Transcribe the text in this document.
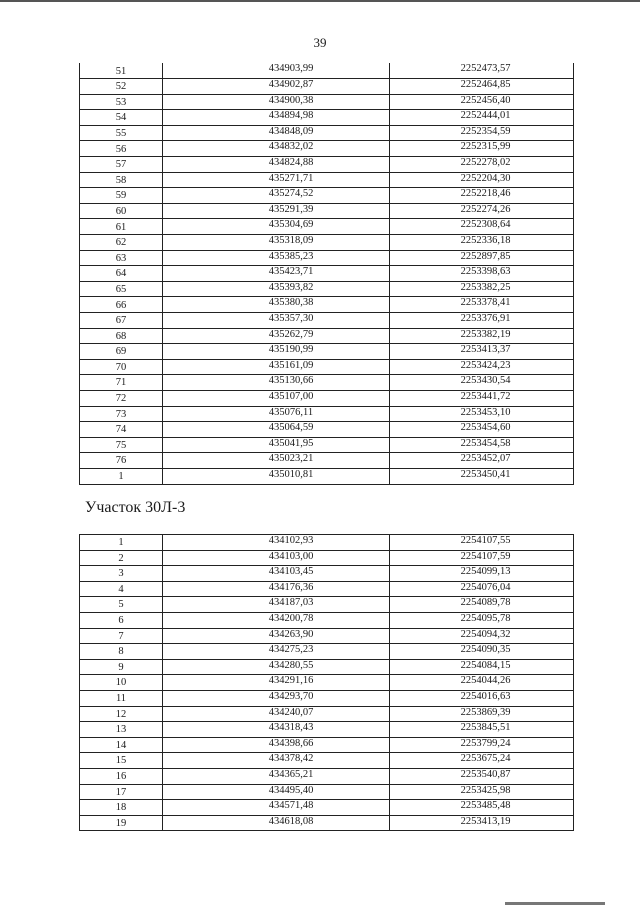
39
51	434903,99	2252473,57
52	434902,87	2252464,85
53	434900,38	2252456,40
54	434894,98	2252444,01
55	434848,09	2252354,59
56	434832,02	2252315,99
57	434824,88	2252278,02
58	435271,71	2252204,30
59	435274,52	2252218,46
60	435291,39	2252274,26
61	435304,69	2252308,64
62	435318,09	2252336,18
63	435385,23	2252897,85
64	435423,71	2253398,63
65	435393,82	2253382,25
66	435380,38	2253378,41
67	435357,30	2253376,91
68	435262,79	2253382,19
69	435190,99	2253413,37
70	435161,09	2253424,23
71	435130,66	2253430,54
72	435107,00	2253441,72
73	435076,11	2253453,10
74	435064,59	2253454,60
75	435041,95	2253454,58
76	435023,21	2253452,07
1	435010,81	2253450,41
Участок 30Л-3
1	434102,93	2254107,55
2	434103,00	2254107,59
3	434103,45	2254099,13
4	434176,36	2254076,04
5	434187,03	2254089,78
6	434200,78	2254095,78
7	434263,90	2254094,32
8	434275,23	2254090,35
9	434280,55	2254084,15
10	434291,16	2254044,26
11	434293,70	2254016,63
12	434240,07	2253869,39
13	434318,43	2253845,51
14	434398,66	2253799,24
15	434378,42	2253675,24
16	434365,21	2253540,87
17	434495,40	2253425,98
18	434571,48	2253485,48
19	434618,08	2253413,19
